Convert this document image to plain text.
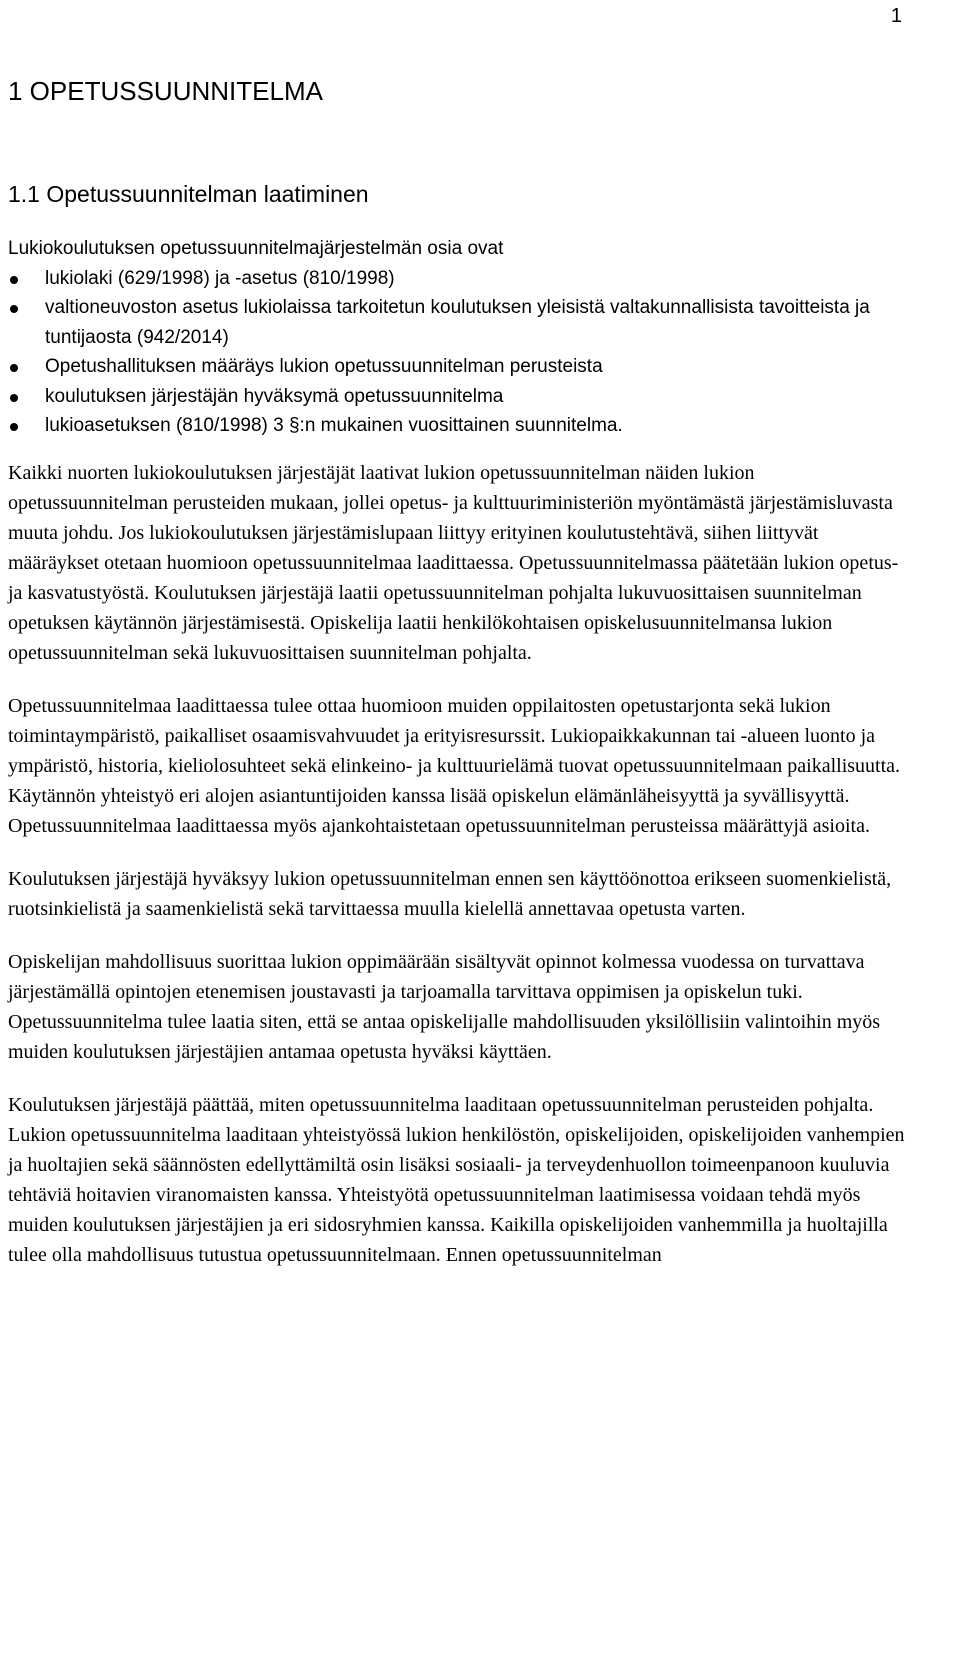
1
1 OPETUSSUUNNITELMA
1.1 Opetussuunnitelman laatiminen

Lukiokoulutuksen opetussuunnitelmajärjestelmän osia ovat

lukiolaki (629/1998) ja -asetus (810/1998)
valtioneuvoston asetus lukiolaissa tarkoitetun koulutuksen yleisistä valtakunnallisista tavoitteista ja tuntijaosta (942/2014)
Opetushallituksen määräys lukion opetussuunnitelman perusteista
koulutuksen järjestäjän hyväksymä opetussuunnitelma
lukioasetuksen (810/1998) 3 §:n mukainen vuosittainen suunnitelma.

Kaikki nuorten lukiokoulutuksen järjestäjät laativat lukion opetussuunnitelman näiden lukion opetussuunnitelman perusteiden mukaan, jollei opetus- ja kulttuuriministeriön myöntämästä järjestämisluvasta muuta johdu. Jos lukiokoulutuksen järjestämislupaan liittyy erityinen koulutustehtävä, siihen liittyvät määräykset otetaan huomioon opetussuunnitelmaa laadittaessa. Opetussuunnitelmassa päätetään lukion opetus- ja kasvatustyöstä. Koulutuksen järjestäjä laatii opetussuunnitelman pohjalta lukuvuosittaisen suunnitelman opetuksen käytännön järjestämisestä. Opiskelija laatii henkilökohtaisen opiskelusuunnitelmansa lukion opetussuunnitelman sekä lukuvuosittaisen suunnitelman pohjalta.

Opetussuunnitelmaa laadittaessa tulee ottaa huomioon muiden oppilaitosten opetustarjonta sekä lukion toimintaympäristö, paikalliset osaamisvahvuudet ja erityisresurssit. Lukiopaikkakunnan tai -alueen luonto ja ympäristö, historia, kieliolosuhteet sekä elinkeino- ja kulttuurielämä tuovat opetussuunnitelmaan paikallisuutta. Käytännön yhteistyö eri alojen asiantuntijoiden kanssa lisää opiskelun elämänläheisyyttä ja syvällisyyttä. Opetussuunnitelmaa laadittaessa myös ajankohtaistetaan opetussuunnitelman perusteissa määrättyjä asioita.

Koulutuksen järjestäjä hyväksyy lukion opetussuunnitelman ennen sen käyttöönottoa erikseen suomenkielistä, ruotsinkielistä ja saamenkielistä sekä tarvittaessa muulla kielellä annettavaa opetusta varten.

Opiskelijan mahdollisuus suorittaa lukion oppimäärään sisältyvät opinnot kolmessa vuodessa on turvattava järjestämällä opintojen etenemisen joustavasti ja tarjoamalla tarvittava oppimisen ja opiskelun tuki. Opetussuunnitelma tulee laatia siten, että se antaa opiskelijalle mahdollisuuden yksilöllisiin valintoihin myös muiden koulutuksen järjestäjien antamaa opetusta hyväksi käyttäen.

Koulutuksen järjestäjä päättää, miten opetussuunnitelma laaditaan opetussuunnitelman perusteiden pohjalta. Lukion opetussuunnitelma laaditaan yhteistyössä lukion henkilöstön, opiskelijoiden, opiskelijoiden vanhempien ja huoltajien sekä säännösten edellyttämiltä osin lisäksi sosiaali- ja terveydenhuollon toimeenpanoon kuuluvia tehtäviä hoitavien viranomaisten kanssa. Yhteistyötä opetussuunnitelman laatimisessa voidaan tehdä myös muiden koulutuksen järjestäjien ja eri sidosryhmien kanssa. Kaikilla opiskelijoiden vanhemmilla ja huoltajilla tulee olla mahdollisuus tutustua opetussuunnitelmaan. Ennen opetussuunnitelman
